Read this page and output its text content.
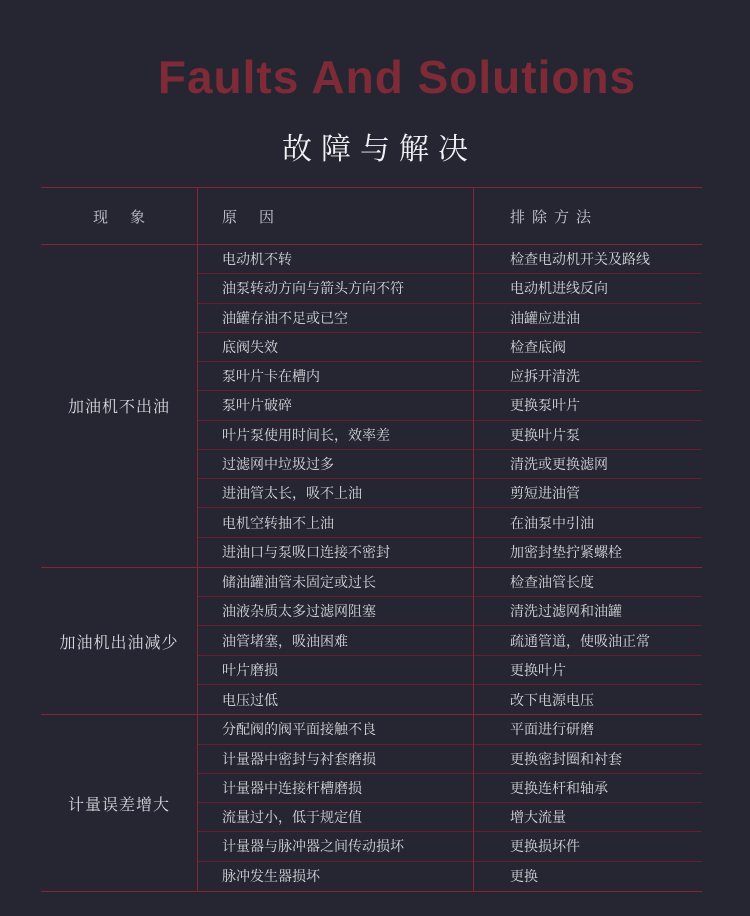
Faults And Solutions
故障与解决
现象	原因	排除方法
加油机不出油
电动机不转	检查电动机开关及路线
油泵转动方向与箭头方向不符	电动机进线反向
油罐存油不足或已空	油罐应进油
底阀失效	检查底阀
泵叶片卡在槽内	应拆开清洗
泵叶片破碎	更换泵叶片
叶片泵使用时间长，效率差	更换叶片泵
过滤网中垃圾过多	清洗或更换滤网
进油管太长，吸不上油	剪短进油管
电机空转抽不上油	在油泵中引油
进油口与泵吸口连接不密封	加密封垫拧紧螺栓
加油机出油减少
储油罐油管未固定或过长	检查油管长度
油液杂质太多过滤网阻塞	清洗过滤网和油罐
油管堵塞，吸油困难	疏通管道，使吸油正常
叶片磨损	更换叶片
电压过低	改下电源电压
计量误差增大
分配阀的阀平面接触不良	平面进行研磨
计量器中密封与衬套磨损	更换密封圈和衬套
计量器中连接杆槽磨损	更换连杆和轴承
流量过小，低于规定值	增大流量
计量器与脉冲器之间传动损坏	更换损坏件
脉冲发生器损坏	更换
